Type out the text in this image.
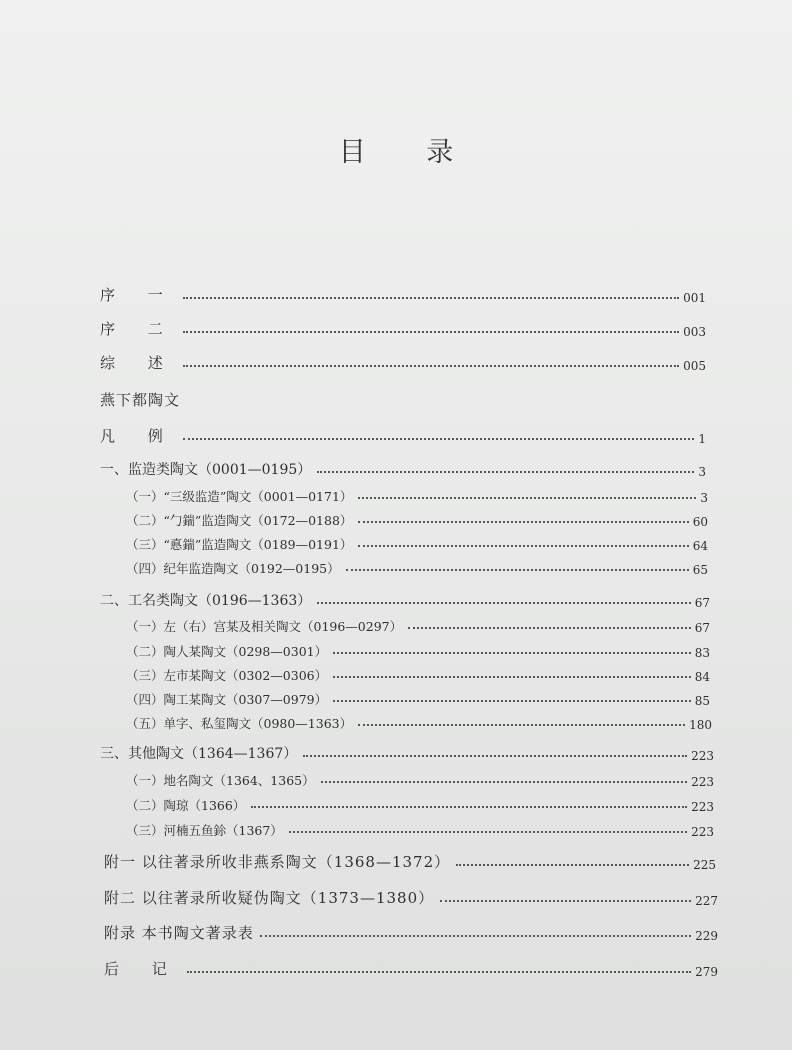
目 录
序 一	001
序 二	003
综 述	005
燕下都陶文
凡 例	1
一、监造类陶文（0001—0195）	3
（一）“三级监造”陶文（0001—0171）	3
（二）“勹鍴”监造陶文（0172—0188）	60
（三）“悳鍴”监造陶文（0189—0191）	64
（四）纪年监造陶文（0192—0195）	65
二、工名类陶文（0196—1363）	67
（一）左（右）宫某及相关陶文（0196—0297）	67
（二）陶人某陶文（0298—0301）	83
（三）左市某陶文（0302—0306）	84
（四）陶工某陶文（0307—0979）	85
（五）单字、私玺陶文（0980—1363）	180
三、其他陶文（1364—1367）	223
（一）地名陶文（1364、1365）	223
（二）陶琼（1366）	223
（三）河楠五鱼鉩（1367）	223
附一 以往著录所收非燕系陶文（1368—1372）	225
附二 以往著录所收疑伪陶文（1373—1380）	227
附录 本书陶文著录表	229
后 记	279
